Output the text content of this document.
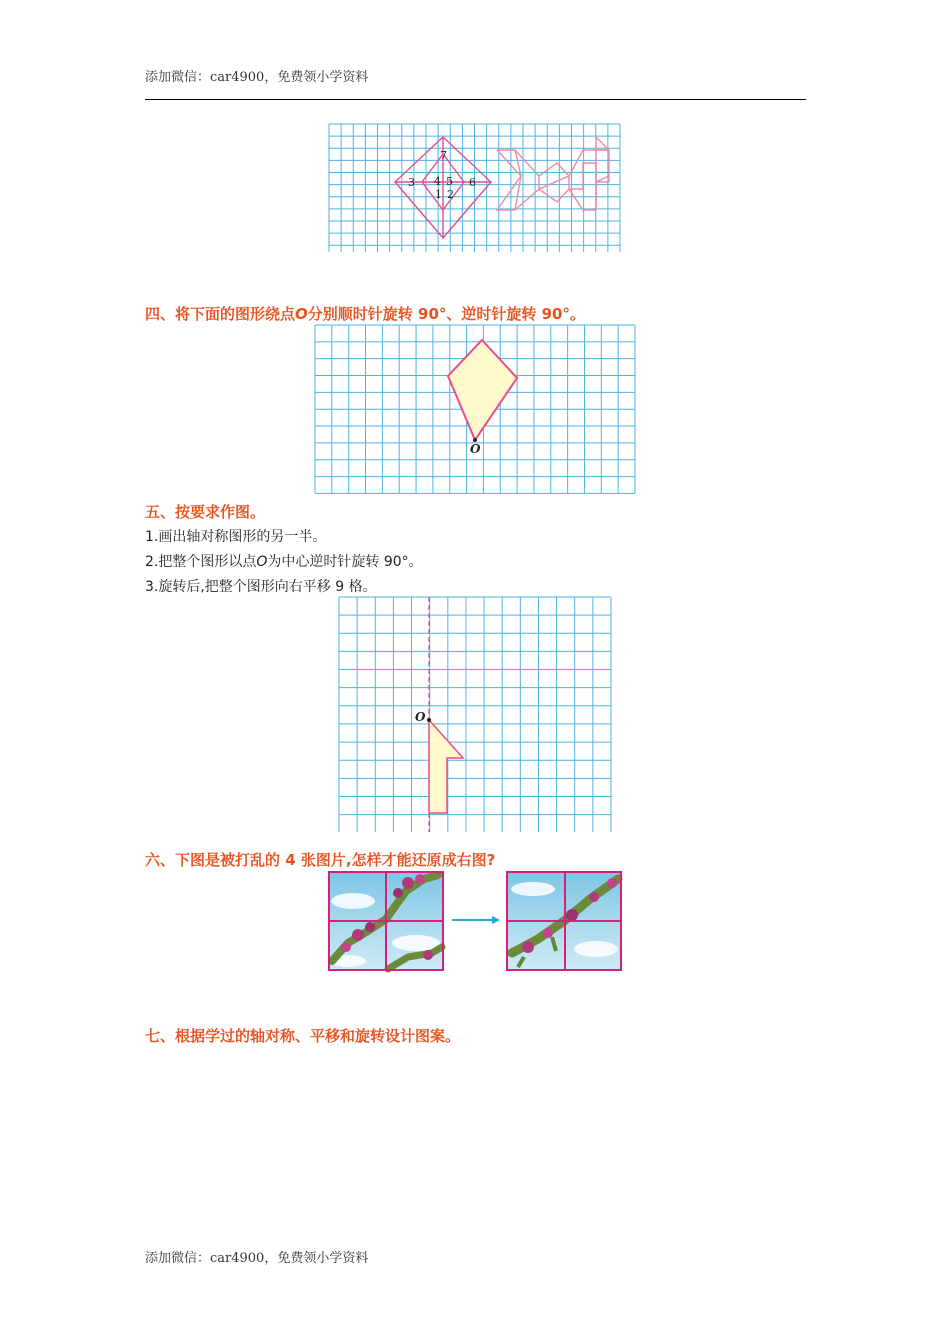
添加微信：car4900，免费领小学资料
7
3 4 5 6
1 2
四、将下面的图形绕点O分别顺时针旋转 90°、逆时针旋转 90°。
O
五、按要求作图。
1.画出轴对称图形的另一半。
2.把整个图形以点O为中心逆时针旋转 90°。
3.旋转后,把整个图形向右平移 9 格。
O
六、下图是被打乱的 4 张图片,怎样才能还原成右图?
七、根据学过的轴对称、平移和旋转设计图案。
添加微信：car4900，免费领小学资料
